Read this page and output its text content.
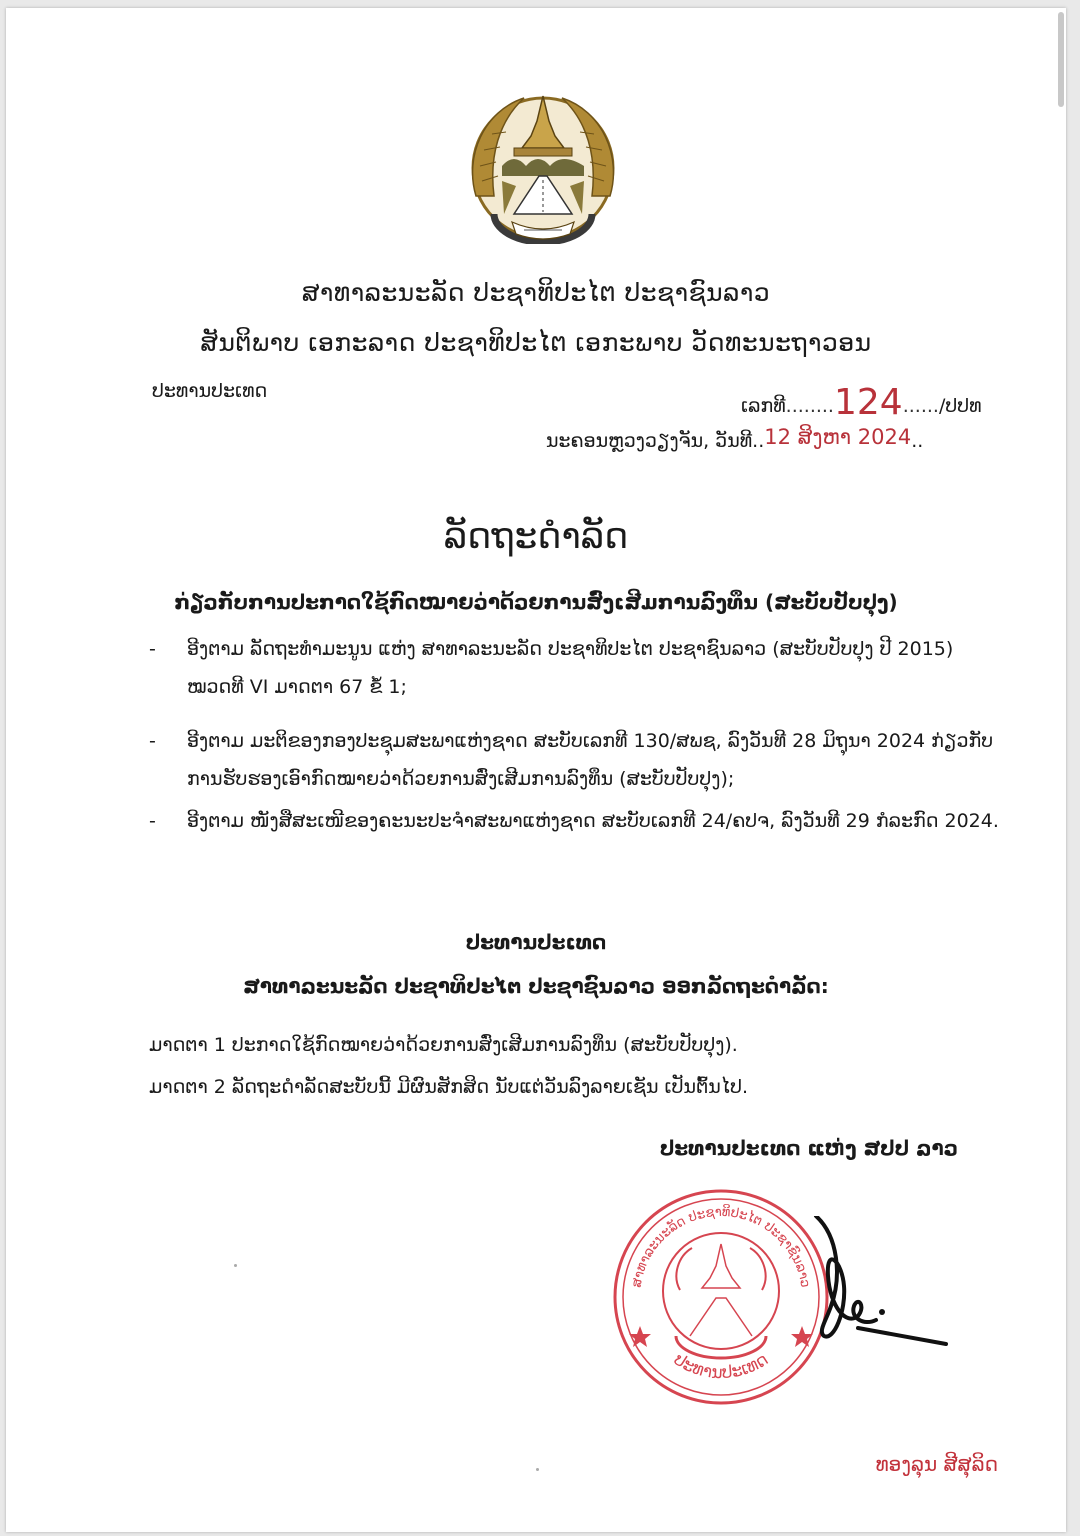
ສາທາລະນະລັດ ປະຊາທິປະໄຕ ປະຊາຊົນລາວ
ສັນຕິພາບ ເອກະລາດ ປະຊາທິປະໄຕ ເອກະພາບ ວັດທະນະຖາວອນ
ປະທານປະເທດ
ເລກທີ........124....../ປປທ
ນະຄອນຫຼວງວຽງຈັນ, ວັນທີ..12 ສິງຫາ 2024..
ລັດຖະດຳລັດ
ກ່ຽວກັບການປະກາດໃຊ້ກົດໝາຍວ່າດ້ວຍການສົ່ງເສີມການລົງທຶນ (ສະບັບປັບປຸງ)
- ອີງຕາມ ລັດຖະທຳມະນູນ ແຫ່ງ ສາທາລະນະລັດ ປະຊາທິປະໄຕ ປະຊາຊົນລາວ (ສະບັບປັບປຸງ ປີ 2015) ໝວດທີ VI ມາດຕາ 67 ຂໍ້ 1;
- ອີງຕາມ ມະຕິຂອງກອງປະຊຸມສະພາແຫ່ງຊາດ ສະບັບເລກທີ 130/ສພຊ, ລົງວັນທີ 28 ມິຖຸນາ 2024 ກ່ຽວກັບການຮັບຮອງເອົາກົດໝາຍວ່າດ້ວຍການສົ່ງເສີມການລົງທຶນ (ສະບັບປັບປຸງ);
- ອີງຕາມ ໜັງສືສະເໜີຂອງຄະນະປະຈຳສະພາແຫ່ງຊາດ ສະບັບເລກທີ 24/ຄປຈ, ລົງວັນທີ 29 ກໍລະກົດ 2024.
ປະທານປະເທດ
ສາທາລະນະລັດ ປະຊາທິປະໄຕ ປະຊາຊົນລາວ ອອກລັດຖະດຳລັດ:
ມາດຕາ 1 ປະກາດໃຊ້ກົດໝາຍວ່າດ້ວຍການສົ່ງເສີມການລົງທຶນ (ສະບັບປັບປຸງ).
ມາດຕາ 2 ລັດຖະດຳລັດສະບັບນີ້ ມີຜົນສັກສິດ ນັບແຕ່ວັນລົງລາຍເຊັນ ເປັນຕົ້ນໄປ.
ປະທານປະເທດ ແຫ່ງ ສປປ ລາວ
ສາທາລະນະລັດ ປະຊາທິປະໄຕ ປະຊາຊົນລາວ
ປະທານປະເທດ
ທອງລຸນ ສີສຸລິດ
